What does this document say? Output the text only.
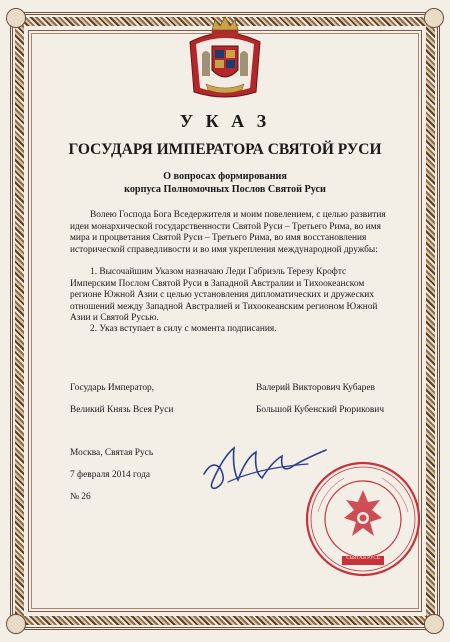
У К А З
ГОСУДАРЯ ИМПЕРАТОРА СВЯТОЙ РУСИ
О вопросах формирования
корпуса Полномочных Послов Святой Руси
Волею Господа Бога Вседержителя и моим повелением, с целью развития
идеи монархической государственности Святой Руси – Третьего Рима, во имя
мира и процветания Святой Руси – Третьего Рима, во имя восстановления
исторической справедливости и во имя укрепления международной дружбы:
1. Высочайшим Указом назначаю Леди Габриэль Терезу Крофтс
Имперским Послом Святой Руси в Западной Австралии и Тихоокеанском
регионе Южной Азии с целью установления дипломатических и дружеских
отношений между Западной Австралией и Тихоокеанским регионом Южной
Азии и Святой Русью.
2. Указ вступает в силу с момента подписания.
Государь Император,
Великий Князь Всея Руси
Валерий Викторович Кубарев
Большой Кубенский Рюрикович
Москва, Святая Русь
7 февраля 2014 года
№ 26
СВЯТАЯ РУСЬ
